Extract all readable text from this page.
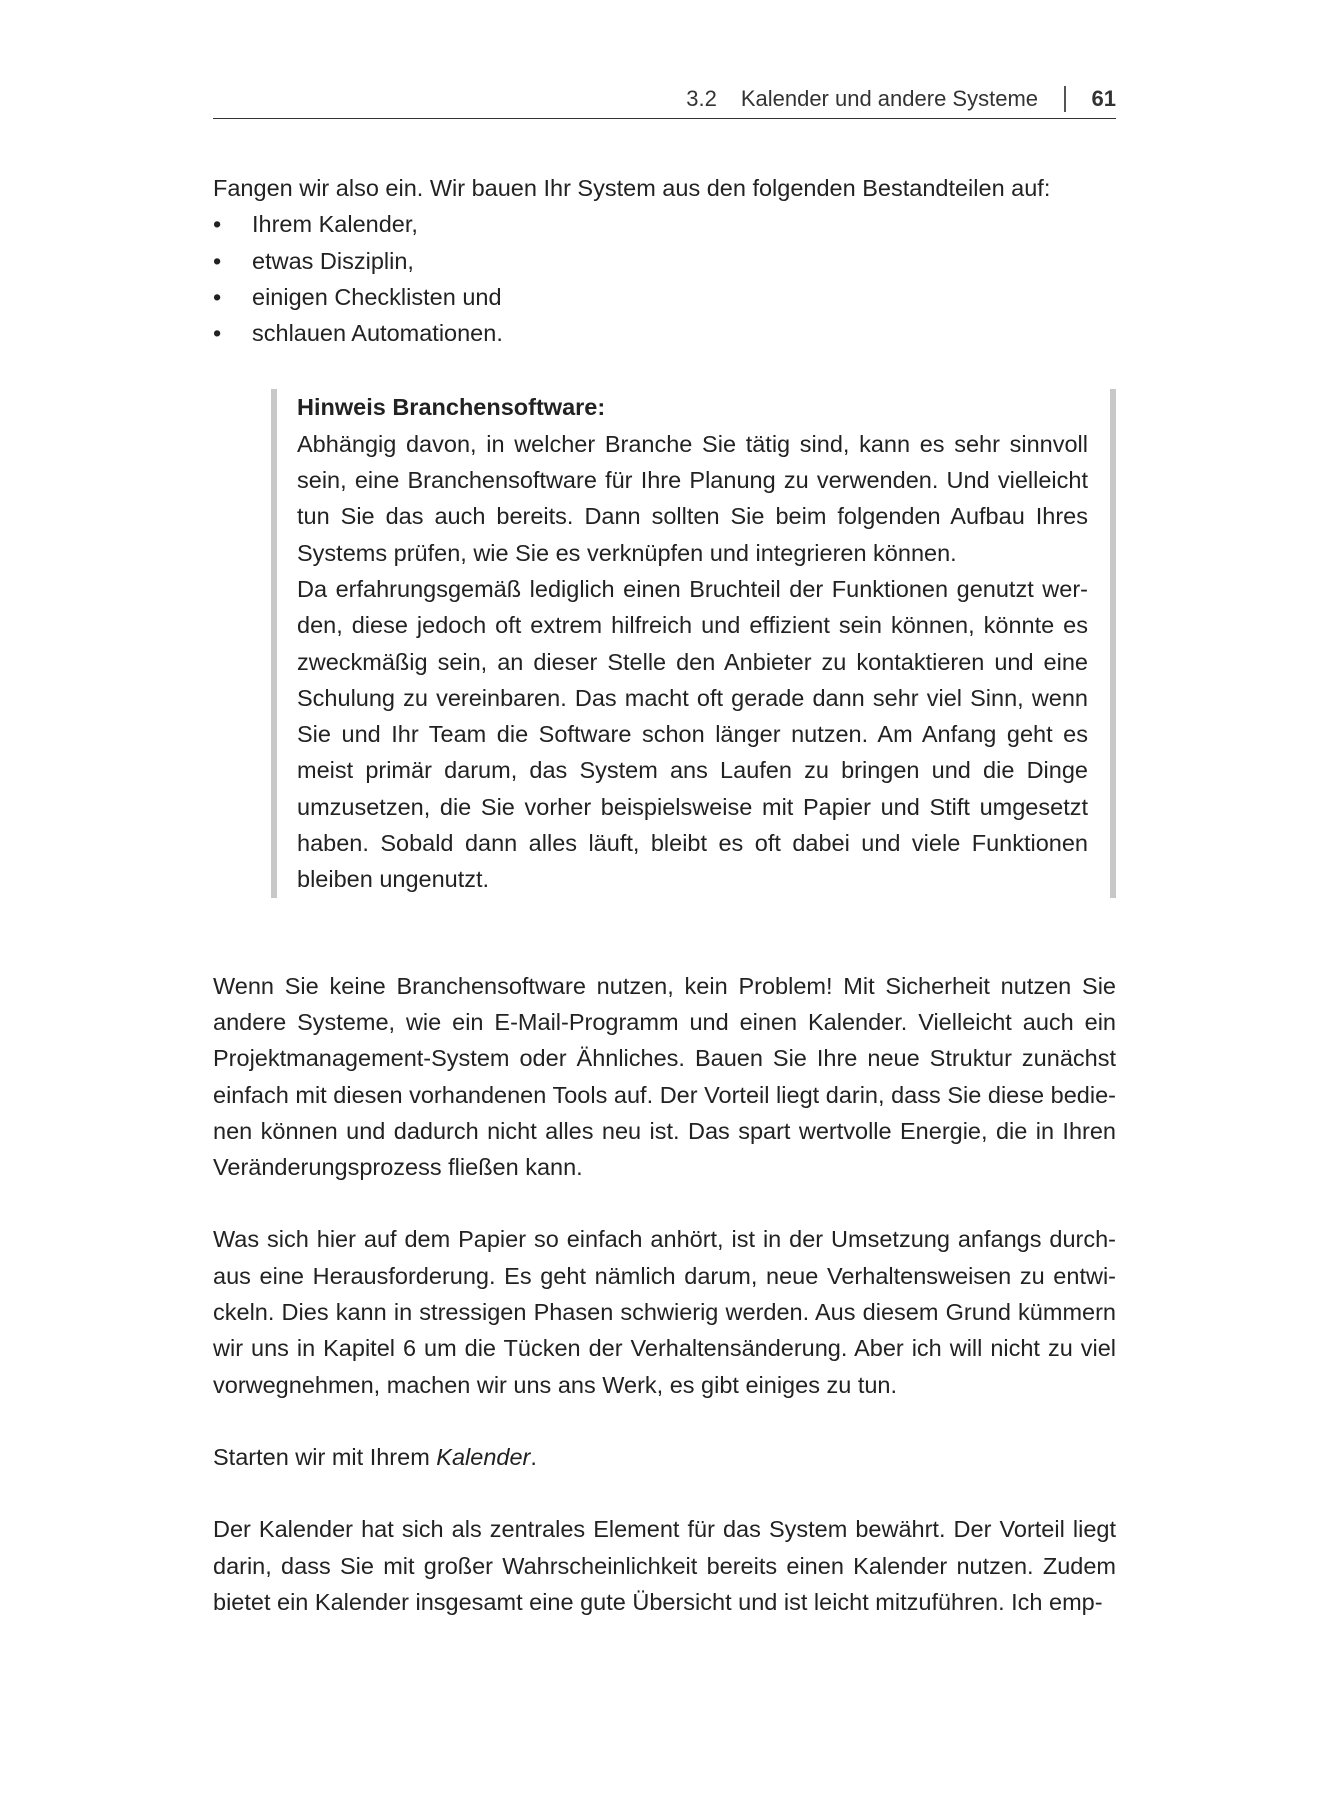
3.2 Kalender und andere Systeme 61

Fangen wir also ein. Wir bauen Ihr System aus den folgenden Bestandteilen auf:

• Ihrem Kalender,
• etwas Disziplin,
• einigen Checklisten und
• schlauen Automationen.
Hinweis Branchensoftware:

Abhängig davon, in welcher Branche Sie tätig sind, kann es sehr sinnvoll sein, eine Branchensoftware für Ihre Planung zu verwenden. Und vielleicht tun Sie das auch bereits. Dann sollten Sie beim folgenden Aufbau Ihres Systems prüfen, wie Sie es verknüpfen und integrieren können.

Da erfahrungsgemäß lediglich einen Bruchteil der Funktionen genutzt werden, diese jedoch oft extrem hilfreich und effizient sein können, könnte es zweckmäßig sein, an dieser Stelle den Anbieter zu kontaktieren und eine Schulung zu vereinbaren. Das macht oft gerade dann sehr viel Sinn, wenn Sie und Ihr Team die Software schon länger nutzen. Am Anfang geht es meist primär darum, das System ans Laufen zu bringen und die Dinge umzusetzen, die Sie vorher beispielsweise mit Papier und Stift umgesetzt haben. Sobald dann alles läuft, bleibt es oft dabei und viele Funktionen bleiben ungenutzt.

Wenn Sie keine Branchensoftware nutzen, kein Problem! Mit Sicherheit nutzen Sie andere Systeme, wie ein E-Mail-Programm und einen Kalender. Vielleicht auch ein Projektmanagement-System oder Ähnliches. Bauen Sie Ihre neue Struktur zunächst einfach mit diesen vorhandenen Tools auf. Der Vorteil liegt darin, dass Sie diese bedienen können und dadurch nicht alles neu ist. Das spart wertvolle Energie, die in Ihren Veränderungsprozess fließen kann.

Was sich hier auf dem Papier so einfach anhört, ist in der Umsetzung anfangs durchaus eine Herausforderung. Es geht nämlich darum, neue Verhaltensweisen zu entwickeln. Dies kann in stressigen Phasen schwierig werden. Aus diesem Grund kümmern wir uns in Kapitel 6 um die Tücken der Verhaltensänderung. Aber ich will nicht zu viel vorwegnehmen, machen wir uns ans Werk, es gibt einiges zu tun.

Starten wir mit Ihrem Kalender.

Der Kalender hat sich als zentrales Element für das System bewährt. Der Vorteil liegt darin, dass Sie mit großer Wahrscheinlichkeit bereits einen Kalender nutzen. Zudem bietet ein Kalender insgesamt eine gute Übersicht und ist leicht mitzuführen. Ich emp-
